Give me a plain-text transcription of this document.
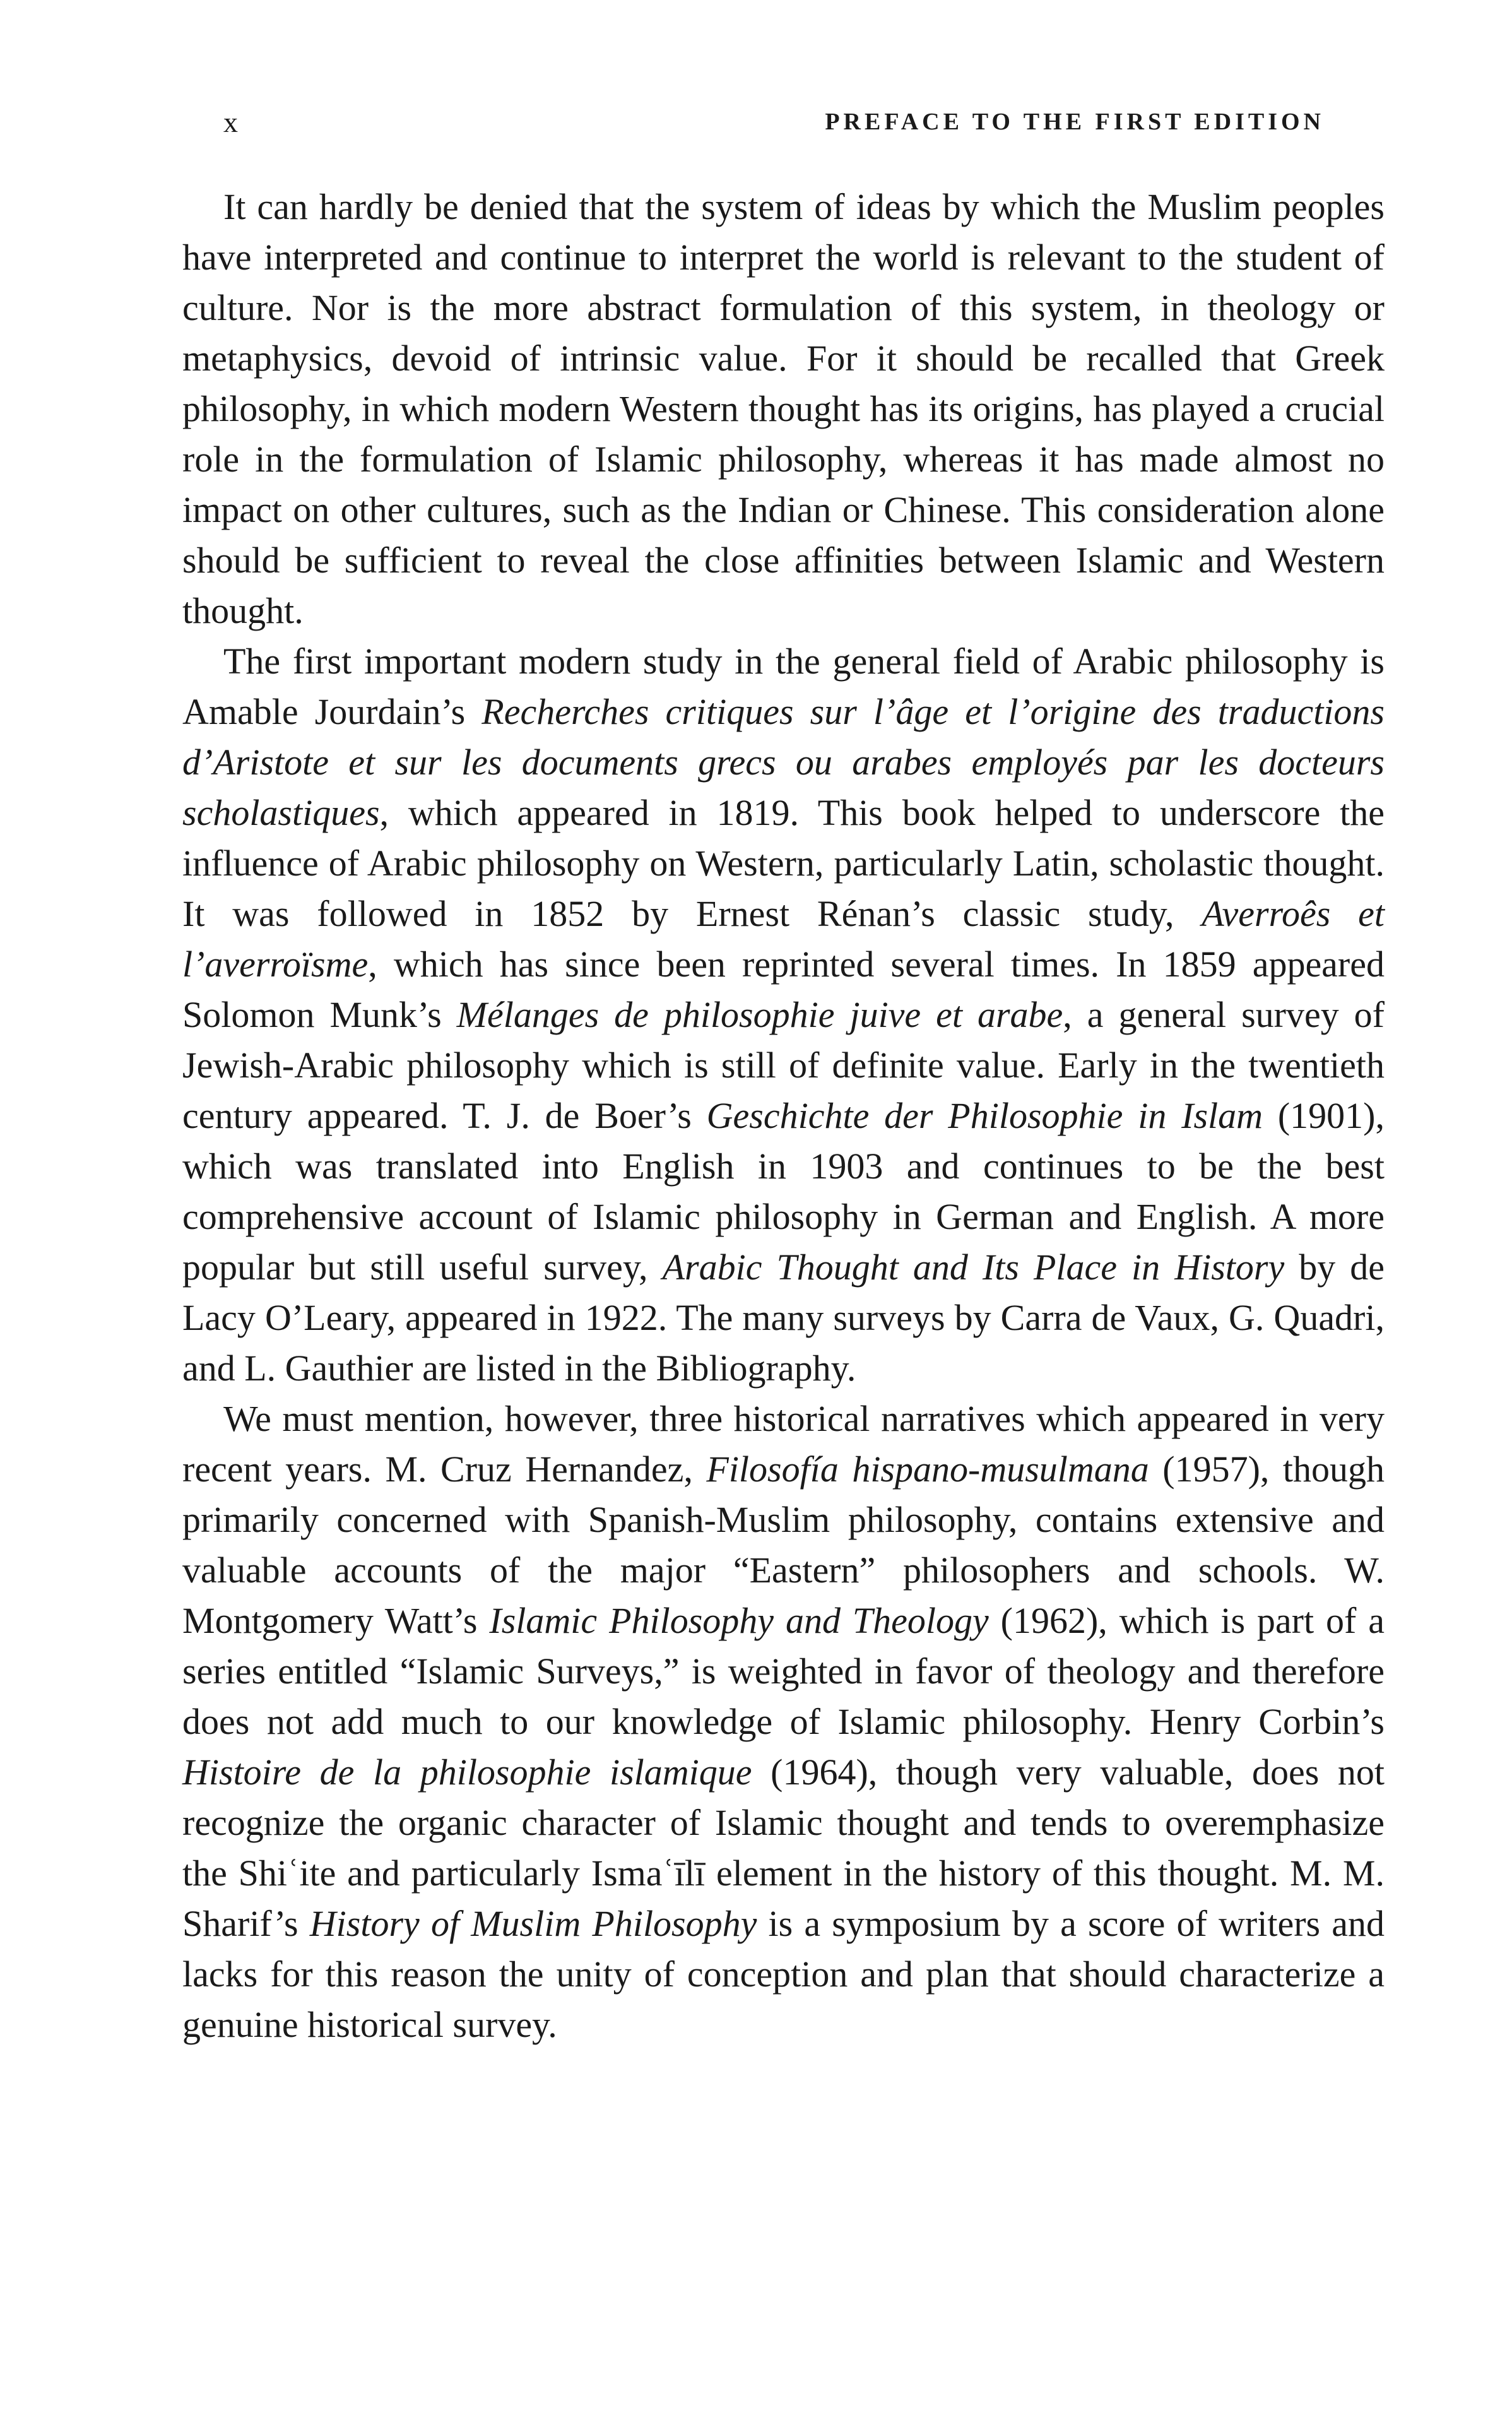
x	PREFACE TO THE FIRST EDITION

It can hardly be denied that the system of ideas by which the Muslim peoples have interpreted and continue to interpret the world is relevant to the student of culture. Nor is the more abstract formulation of this system, in theology or metaphysics, devoid of intrinsic value. For it should be recalled that Greek philosophy, in which modern Western thought has its origins, has played a crucial role in the formulation of Islamic philosophy, whereas it has made almost no impact on other cultures, such as the Indian or Chinese. This consideration alone should be sufficient to reveal the close affinities between Islamic and Western thought.

The first important modern study in the general field of Arabic philosophy is Amable Jourdain’s Recherches critiques sur l’âge et l’origine des traductions d’Aristote et sur les documents grecs ou arabes employés par les docteurs scholastiques, which appeared in 1819. This book helped to underscore the influence of Arabic philosophy on Western, particularly Latin, scholastic thought. It was followed in 1852 by Ernest Rénan’s classic study, Averroês et l’averroïsme, which has since been reprinted several times. In 1859 appeared Solomon Munk’s Mélanges de philosophie juive et arabe, a general survey of Jewish-Arabic philosophy which is still of definite value. Early in the twentieth century appeared. T. J. de Boer’s Geschichte der Philosophie in Islam (1901), which was translated into English in 1903 and continues to be the best comprehensive account of Islamic philosophy in German and English. A more popular but still useful survey, Arabic Thought and Its Place in History by de Lacy O’Leary, appeared in 1922. The many surveys by Carra de Vaux, G. Quadri, and L. Gauthier are listed in the Bibliography.

We must mention, however, three historical narratives which appeared in very recent years. M. Cruz Hernandez, Filosofía hispano-musulmana (1957), though primarily concerned with Spanish-Muslim philosophy, contains extensive and valuable accounts of the major “Eastern” philosophers and schools. W. Montgomery Watt’s Islamic Philosophy and Theology (1962), which is part of a series entitled “Islamic Surveys,” is weighted in favor of theology and therefore does not add much to our knowledge of Islamic philosophy. Henry Corbin’s Histoire de la philosophie islamique (1964), though very valuable, does not recognize the organic character of Islamic thought and tends to overemphasize the Shiʿite and particularly Ismaʿīlī element in the history of this thought. M. M. Sharif’s History of Muslim Philosophy is a symposium by a score of writers and lacks for this reason the unity of conception and plan that should characterize a genuine historical survey.
